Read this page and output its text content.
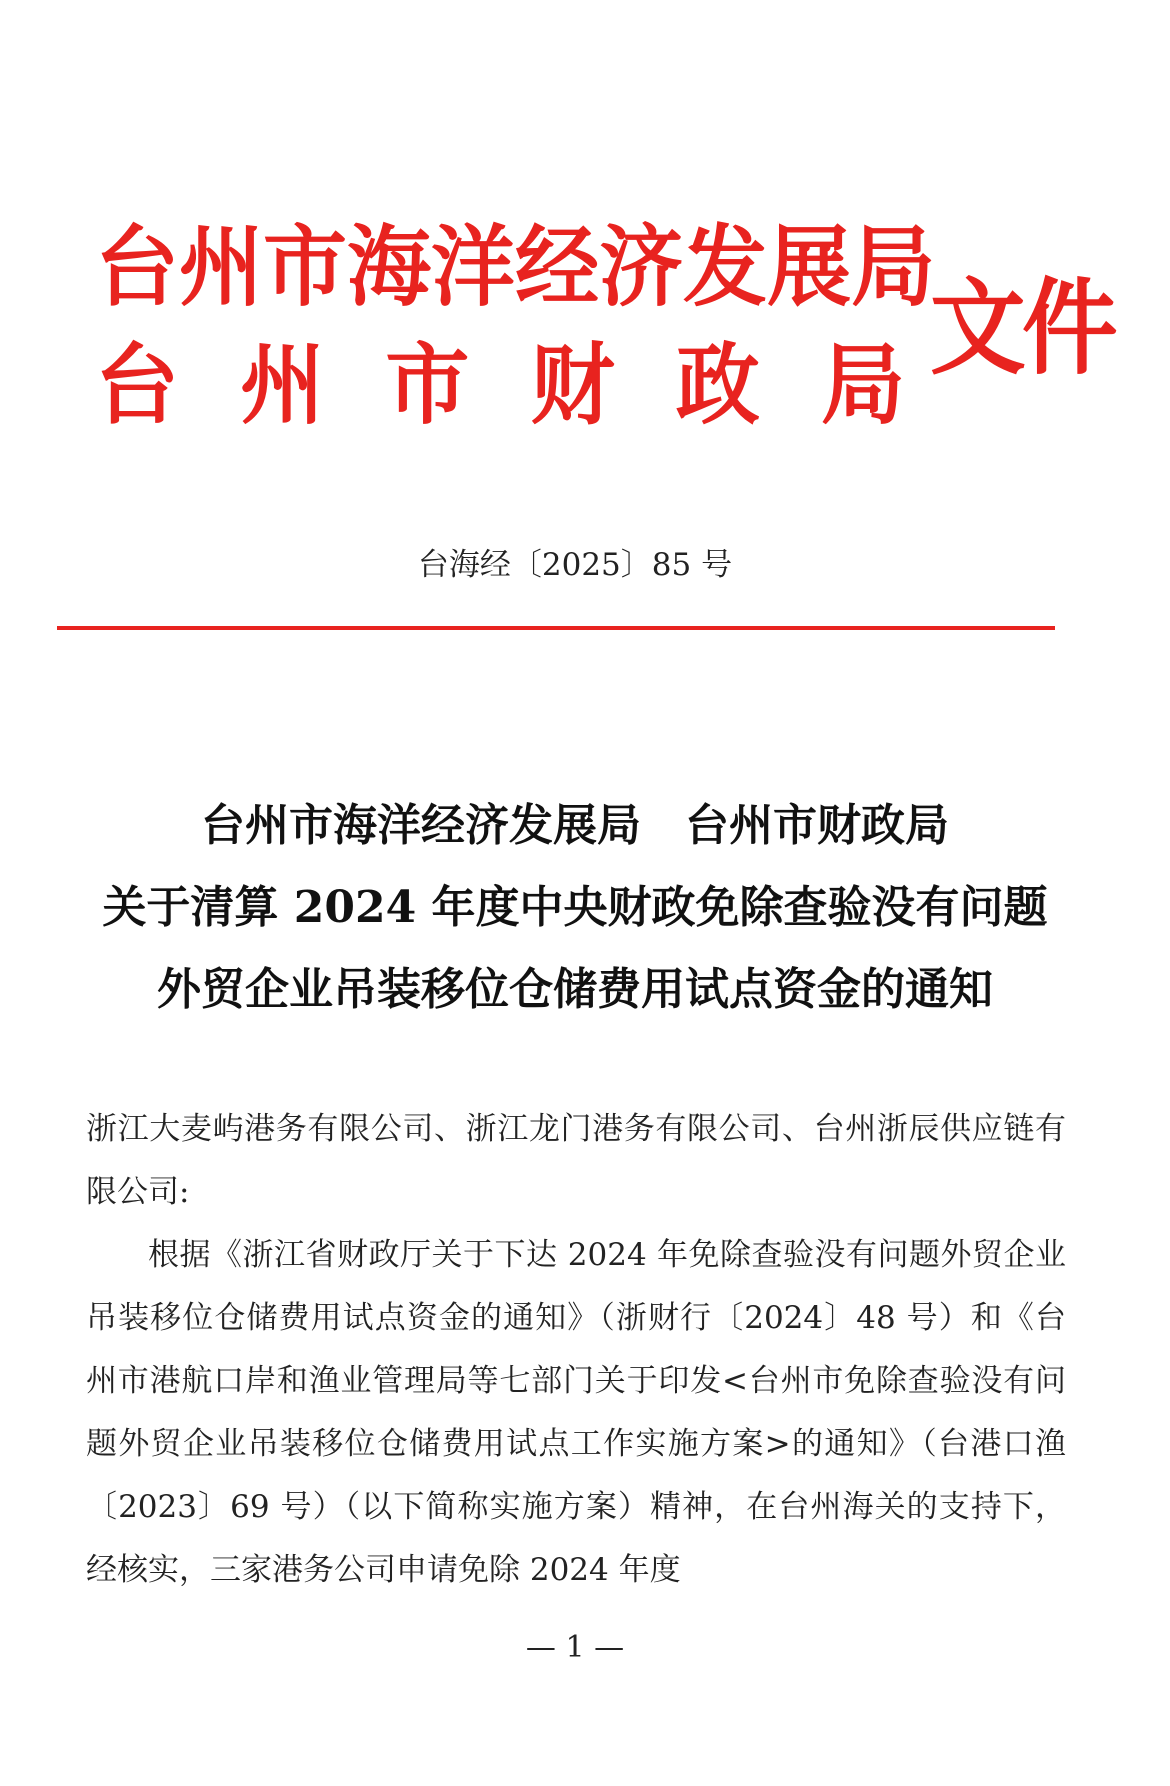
台 州 市 海 洋 经 济 发 展 局
台 州 市 财 政 局 文件
台海经〔2025〕85 号
台州市海洋经济发展局　台州市财政局
关于清算 2024 年度中央财政免除查验没有问题
外贸企业吊装移位仓储费用试点资金的通知
浙江大麦屿港务有限公司、浙江龙门港务有限公司、台州浙辰供应链有限公司:
根据《浙江省财政厅关于下达 2024 年免除查验没有问题外贸企业吊装移位仓储费用试点资金的通知》（浙财行〔2024〕48 号）和《台州市港航口岸和渔业管理局等七部门关于印发<台州市免除查验没有问题外贸企业吊装移位仓储费用试点工作实施方案>的通知》（台港口渔〔2023〕69 号）（以下简称实施方案）精神，在台州海关的支持下，经核实，三家港务公司申请免除 2024 年度
— 1 —
